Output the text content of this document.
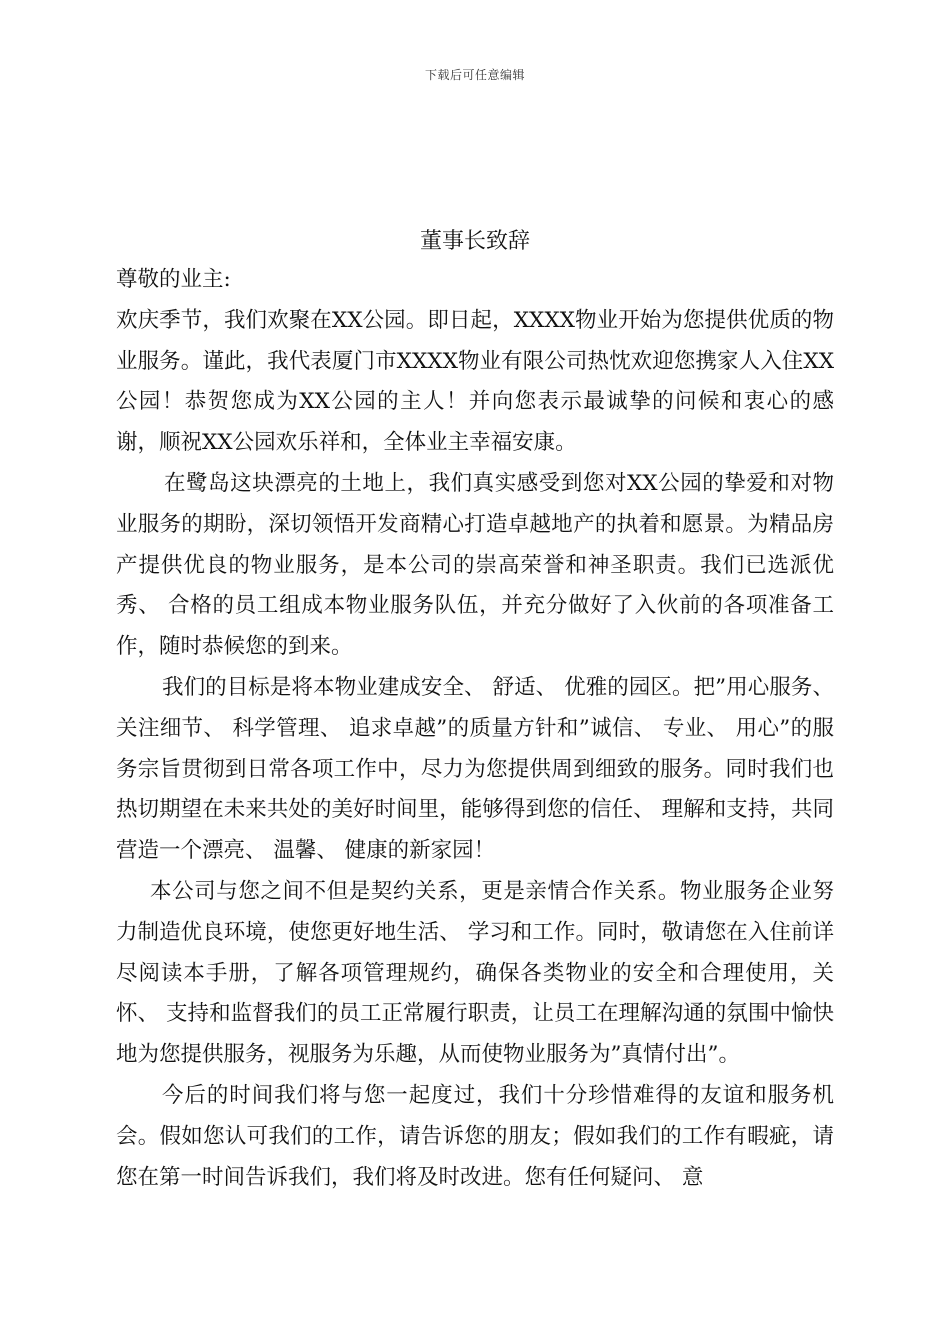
下载后可任意编辑
董事长致辞

尊敬的业主:

欢庆季节，我们欢聚在XX公园。即日起，XXXX物业开始为您提供优质的物业服务。谨此，我代表厦门市XXXX物业有限公司热忱欢迎您携家人入住XX公园！恭贺您成为XX公园的主人！并向您表示最诚挚的问候和衷心的感谢，顺祝XX公园欢乐祥和，全体业主幸福安康。

在鹭岛这块漂亮的土地上，我们真实感受到您对XX公园的挚爱和对物业服务的期盼，深切领悟开发商精心打造卓越地产的执着和愿景。为精品房产提供优良的物业服务，是本公司的崇高荣誉和神圣职责。我们已选派优秀、 合格的员工组成本物业服务队伍，并充分做好了入伙前的各项准备工作，随时恭候您的到来。

我们的目标是将本物业建成安全、 舒适、 优雅的园区。把”用心服务、 关注细节、 科学管理、 追求卓越”的质量方针和”诚信、 专业、 用心”的服务宗旨贯彻到日常各项工作中，尽力为您提供周到细致的服务。同时我们也热切期望在未来共处的美好时间里，能够得到您的信任、 理解和支持，共同营造一个漂亮、 温馨、 健康的新家园！

本公司与您之间不但是契约关系，更是亲情合作关系。物业服务企业努力制造优良环境，使您更好地生活、 学习和工作。同时，敬请您在入住前详尽阅读本手册，了解各项管理规约，确保各类物业的安全和合理使用，关怀、 支持和监督我们的员工正常履行职责，让员工在理解沟通的氛围中愉快地为您提供服务，视服务为乐趣，从而使物业服务为”真情付出”。

今后的时间我们将与您一起度过，我们十分珍惜难得的友谊和服务机会。假如您认可我们的工作，请告诉您的朋友；假如我们的工作有暇疵，请您在第一时间告诉我们，我们将及时改进。您有任何疑问、 意
